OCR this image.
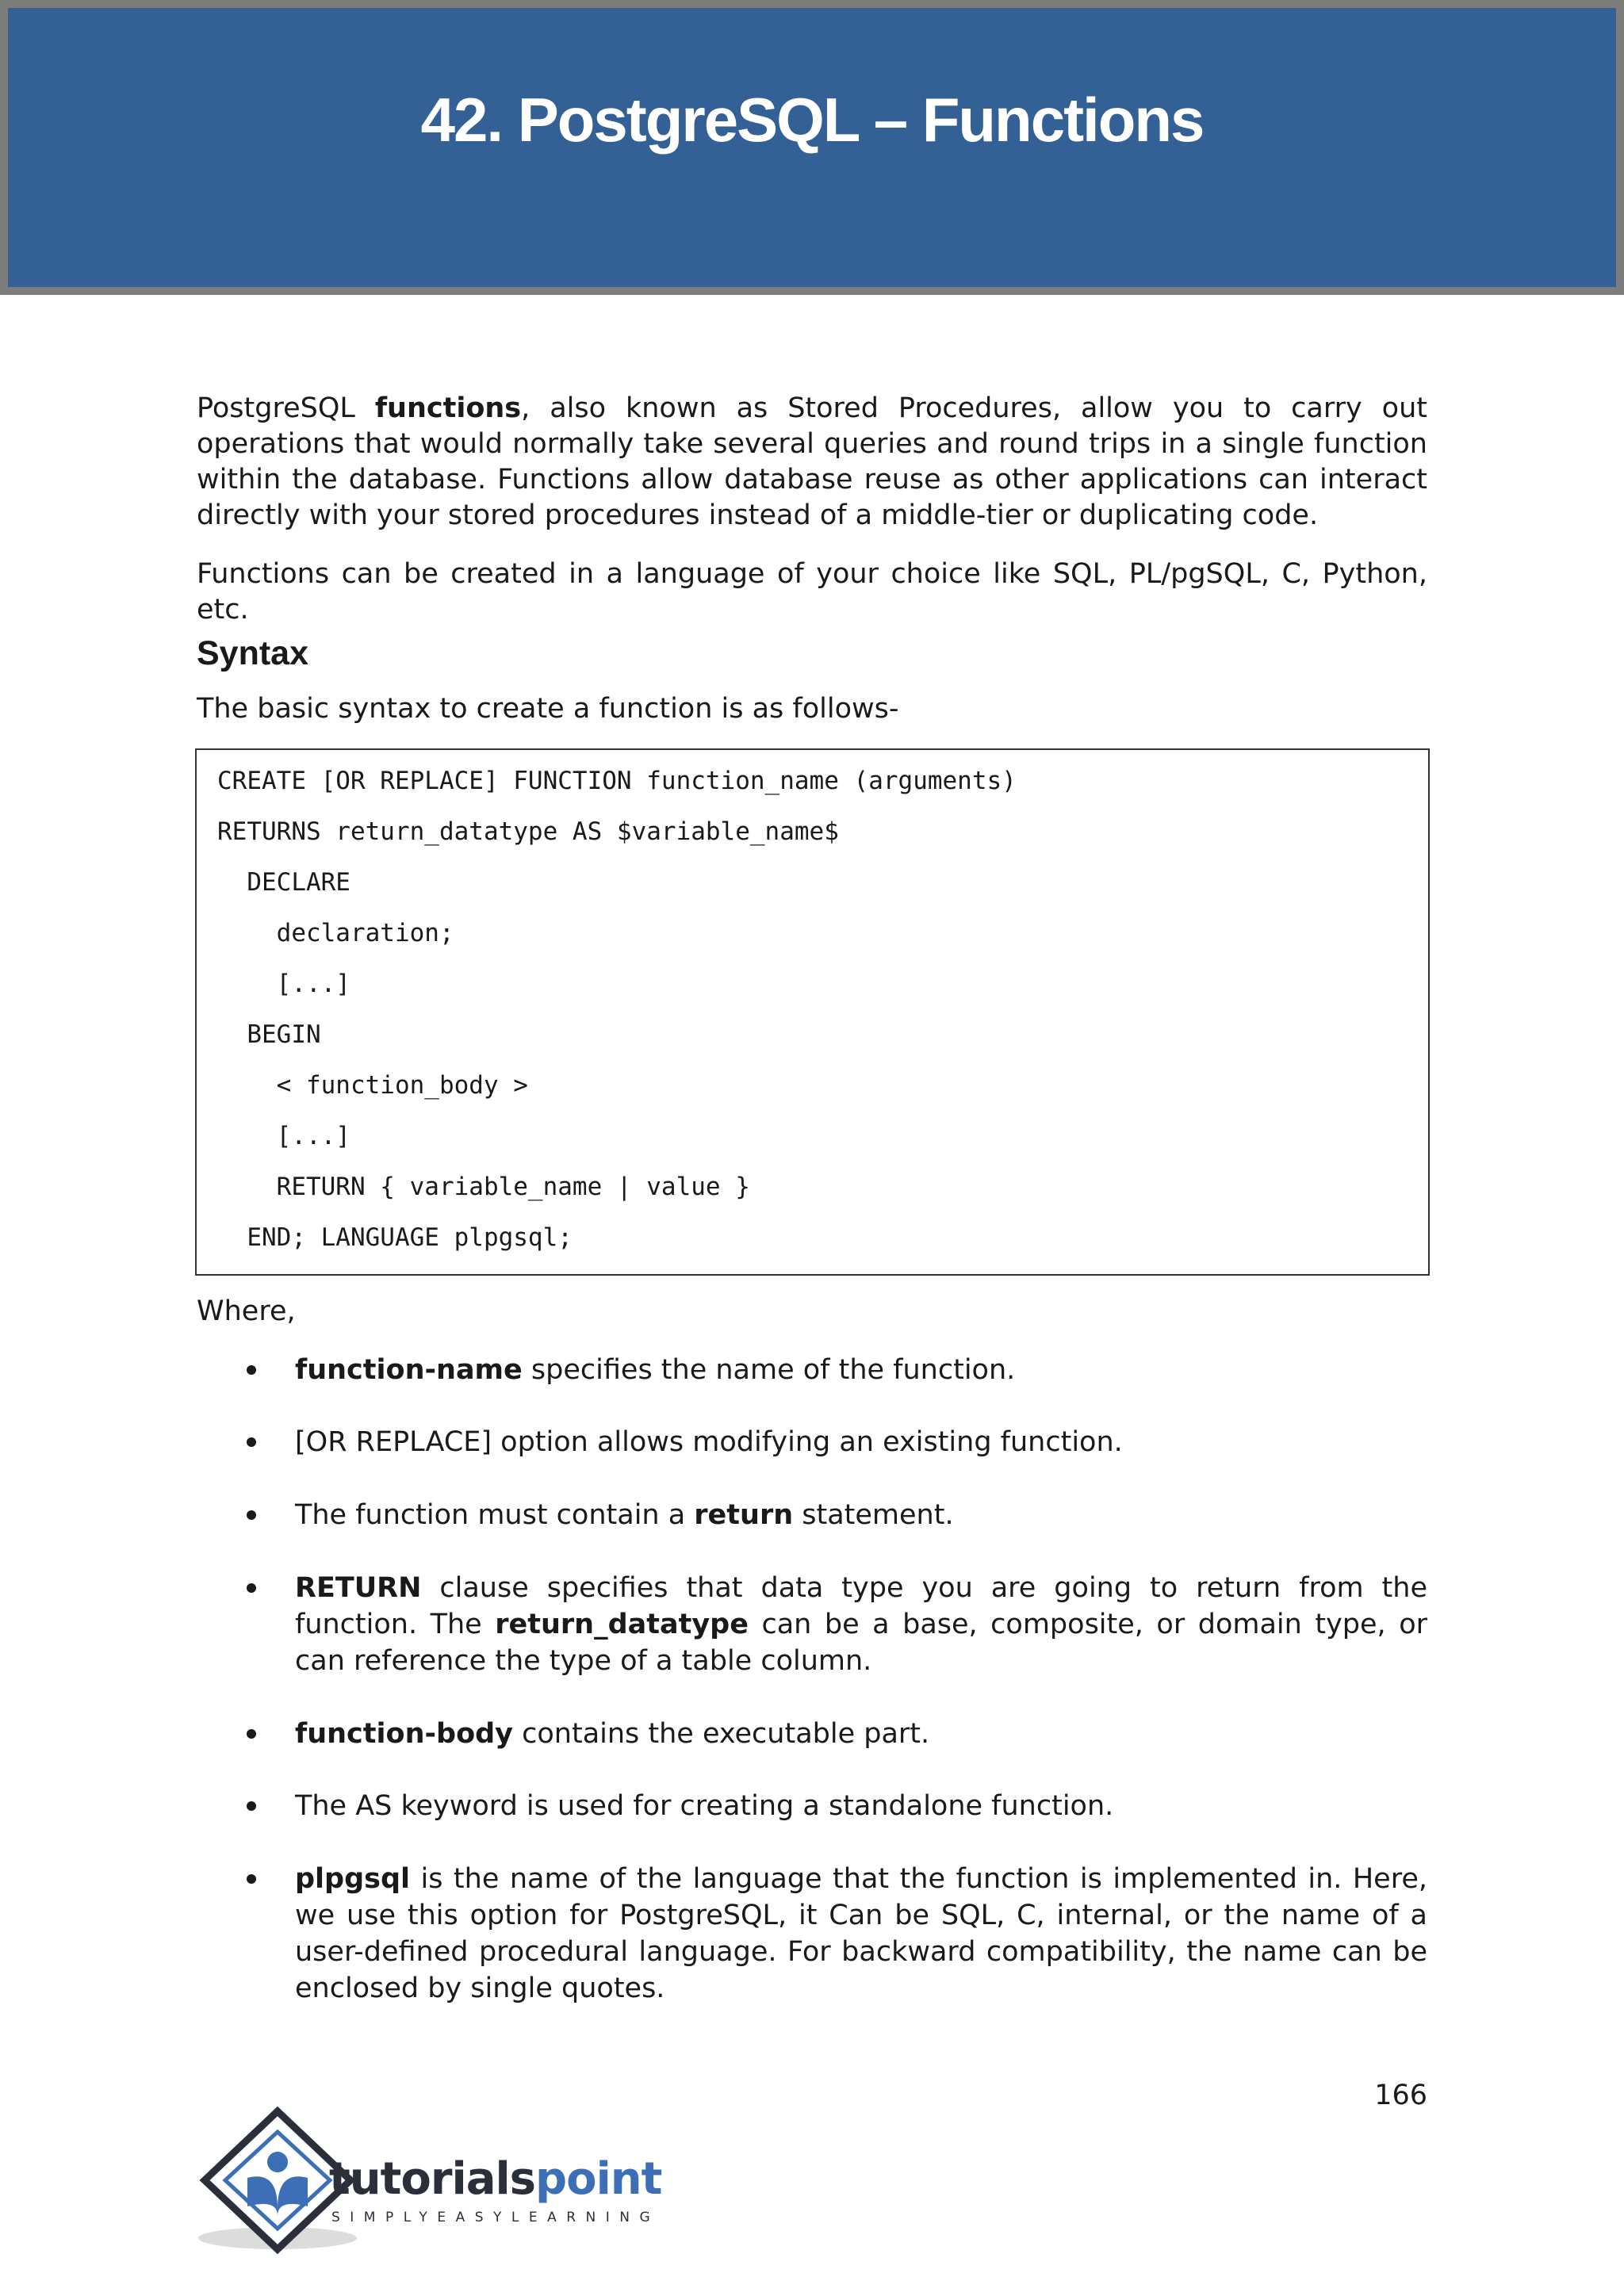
42. PostgreSQL – Functions

PostgreSQL functions, also known as Stored Procedures, allow you to carry out operations that would normally take several queries and round trips in a single function within the database. Functions allow database reuse as other applications can interact directly with your stored procedures instead of a middle-tier or duplicating code.

Functions can be created in a language of your choice like SQL, PL/pgSQL, C, Python, etc.

Syntax

The basic syntax to create a function is as follows-

CREATE [OR REPLACE] FUNCTION function_name (arguments)
RETURNS return_datatype AS $variable_name$
DECLARE
declaration;
[...]
BEGIN
< function_body >
[...]
RETURN { variable_name | value }
END; LANGUAGE plpgsql;

Where,

function-name specifies the name of the function.

[OR REPLACE] option allows modifying an existing function.

The function must contain a return statement.

RETURN clause specifies that data type you are going to return from the function. The return_datatype can be a base, composite, or domain type, or can reference the type of a table column.

function-body contains the executable part.

The AS keyword is used for creating a standalone function.

plpgsql is the name of the language that the function is implemented in. Here, we use this option for PostgreSQL, it Can be SQL, C, internal, or the name of a user-defined procedural language. For backward compatibility, the name can be enclosed by single quotes.

166
tutorialspoint
SIMPLYEASYLEARNING
